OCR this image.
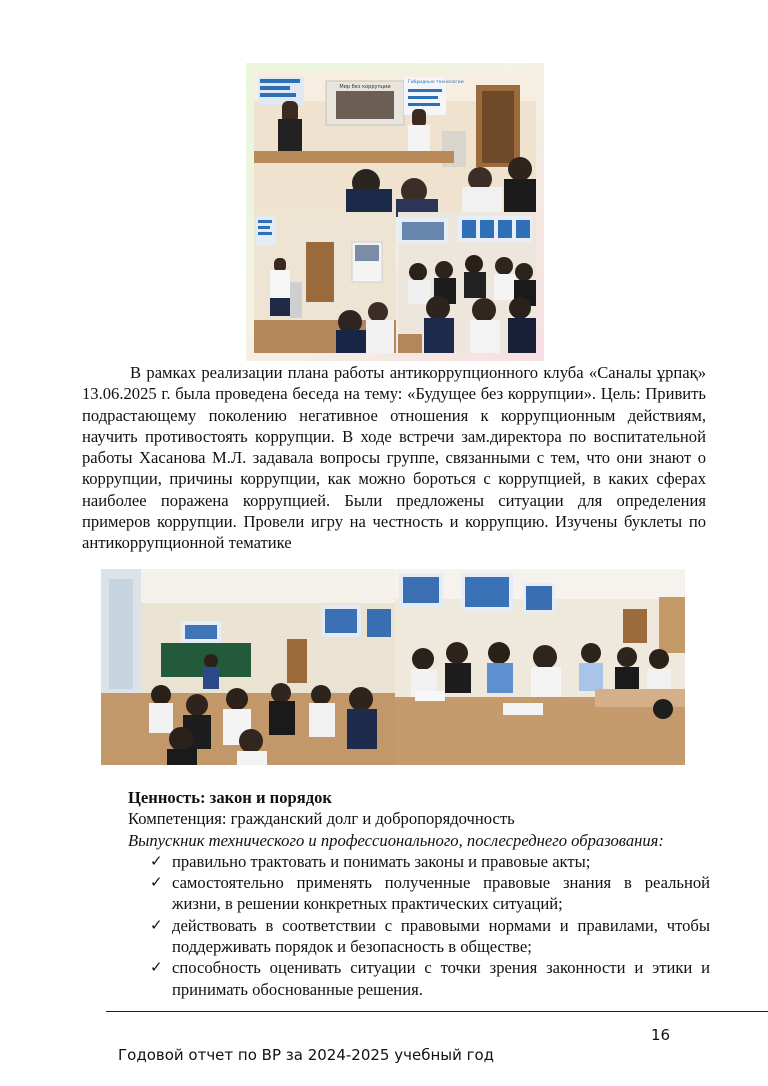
Мир без коррупции
Гибридные технологии

В рамках реализации плана работы антикоррупционного клуба «Саналы ұрпақ» 13.06.2025 г. была проведена беседа на тему: «Будущее без коррупции». Цель: Привить подрастающему поколению негативное отношения к коррупционным действиям, научить противостоять коррупции. В ходе встречи зам.директора по воспитательной работы Хасанова М.Л. задавала вопросы группе, связанными с тем, что они знают о коррупции, причины коррупции, как можно бороться с коррупцией, в каких сферах наиболее поражена коррупцией. Были предложены ситуации для определения примеров коррупции. Провели игру на честность и коррупцию. Изучены буклеты по антикоррупционной тематике

Ценность: закон и порядок

Компетенция: гражданский долг и добропорядочность

Выпускник технического и профессионального, послесреднего образования:

✓ правильно трактовать и понимать законы и правовые акты;
✓ самостоятельно применять полученные правовые знания в реальной жизни, в решении конкретных практических ситуаций;
✓ действовать в соответствии с правовыми нормами и правилами, чтобы поддерживать порядок и безопасность в обществе;
✓ способность оценивать ситуации с точки зрения законности и этики и принимать обоснованные решения.
16
Годовой отчет по ВР за 2024-2025 учебный год
